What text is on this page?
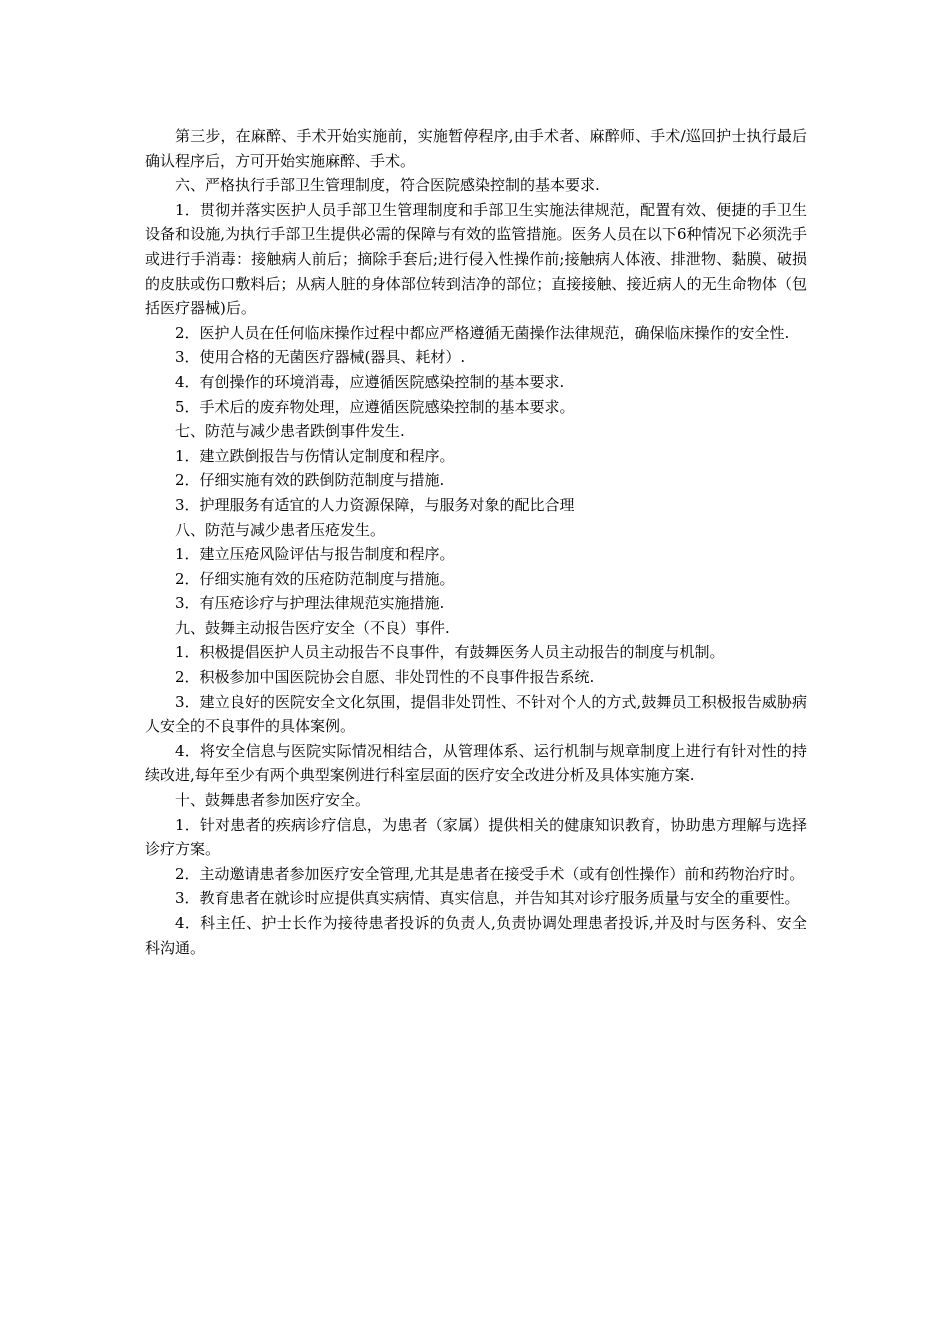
第三步，在麻醉、手术开始实施前，实施暂停程序,由手术者、麻醉师、手术/巡回护士执行最后确认程序后，方可开始实施麻醉、手术。

六、严格执行手部卫生管理制度，符合医院感染控制的基本要求.

1．贯彻并落实医护人员手部卫生管理制度和手部卫生实施法律规范，配置有效、便捷的手卫生设备和设施,为执行手部卫生提供必需的保障与有效的监管措施。医务人员在以下6种情况下必须洗手或进行手消毒：接触病人前后；摘除手套后;进行侵入性操作前;接触病人体液、排泄物、黏膜、破损的皮肤或伤口敷料后；从病人脏的身体部位转到洁净的部位；直接接触、接近病人的无生命物体（包括医疗器械)后。

2．医护人员在任何临床操作过程中都应严格遵循无菌操作法律规范，确保临床操作的安全性.

3．使用合格的无菌医疗器械(器具、耗材）.

4．有创操作的环境消毒，应遵循医院感染控制的基本要求.

5．手术后的废弃物处理，应遵循医院感染控制的基本要求。

七、防范与减少患者跌倒事件发生.

1．建立跌倒报告与伤情认定制度和程序。

2．仔细实施有效的跌倒防范制度与措施.

3．护理服务有适宜的人力资源保障，与服务对象的配比合理

八、防范与减少患者压疮发生。

1．建立压疮风险评估与报告制度和程序。

2．仔细实施有效的压疮防范制度与措施。

3．有压疮诊疗与护理法律规范实施措施.

九、鼓舞主动报告医疗安全（不良）事件.

1．积极提倡医护人员主动报告不良事件，有鼓舞医务人员主动报告的制度与机制。

2．积极参加中国医院协会自愿、非处罚性的不良事件报告系统.

3．建立良好的医院安全文化氛围，提倡非处罚性、不针对个人的方式,鼓舞员工积极报告威胁病人安全的不良事件的具体案例。

4．将安全信息与医院实际情况相结合，从管理体系、运行机制与规章制度上进行有针对性的持续改进,每年至少有两个典型案例进行科室层面的医疗安全改进分析及具体实施方案.

十、鼓舞患者参加医疗安全。

1．针对患者的疾病诊疗信息，为患者（家属）提供相关的健康知识教育，协助患方理解与选择诊疗方案。

2．主动邀请患者参加医疗安全管理,尤其是患者在接受手术（或有创性操作）前和药物治疗时。

3．教育患者在就诊时应提供真实病情、真实信息，并告知其对诊疗服务质量与安全的重要性。

4．科主任、护士长作为接待患者投诉的负责人,负责协调处理患者投诉,并及时与医务科、安全科沟通。
